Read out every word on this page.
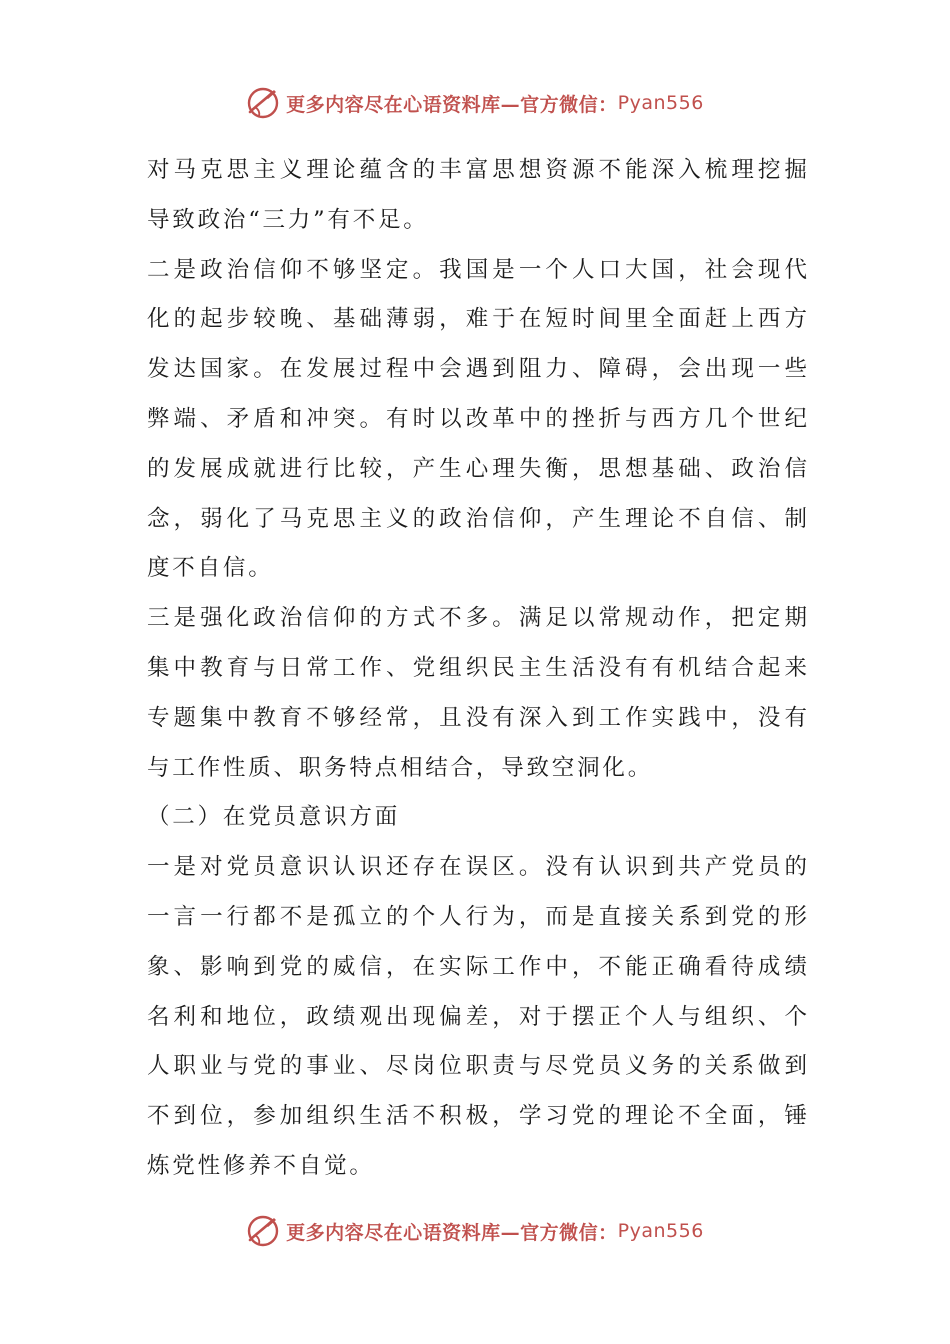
更多内容尽在心语资料库—官方微信： Pyan556
对马克思主义理论蕴含的丰富思想资源不能深入梳理挖掘
导致政治“三力”有不足。
二是政治信仰不够坚定。我国是一个人口大国，社会现代
化的起步较晚、基础薄弱，难于在短时间里全面赶上西方
发达国家。在发展过程中会遇到阻力、障碍，会出现一些
弊端、矛盾和冲突。有时以改革中的挫折与西方几个世纪
的发展成就进行比较，产生心理失衡，思想基础、政治信
念，弱化了马克思主义的政治信仰，产生理论不自信、制
度不自信。
三是强化政治信仰的方式不多。满足以常规动作，把定期
集中教育与日常工作、党组织民主生活没有有机结合起来
专题集中教育不够经常，且没有深入到工作实践中，没有
与工作性质、职务特点相结合，导致空洞化。
（二）在党员意识方面
一是对党员意识认识还存在误区。没有认识到共产党员的
一言一行都不是孤立的个人行为，而是直接关系到党的形
象、影响到党的威信，在实际工作中，不能正确看待成绩
名利和地位，政绩观出现偏差，对于摆正个人与组织、个
人职业与党的事业、尽岗位职责与尽党员义务的关系做到
不到位，参加组织生活不积极，学习党的理论不全面，锤
炼党性修养不自觉。
更多内容尽在心语资料库—官方微信： Pyan556
